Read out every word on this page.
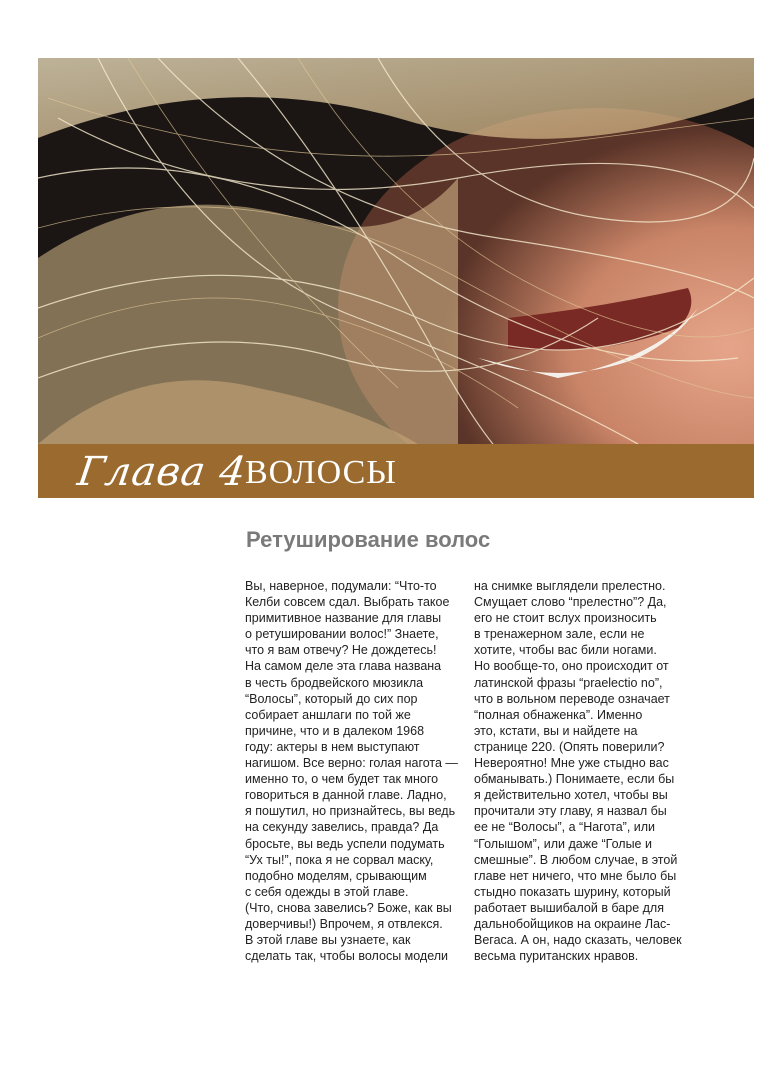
Глава 4
ВОЛОСЫ
Ретуширование волос

Вы, наверное, подумали: “Что-то

Келби совсем сдал. Выбрать такое

примитивное название для главы

о ретушировании волос!” Знаете,

что я вам отвечу? Не дождетесь!

На самом деле эта глава названа

в честь бродвейского мюзикла

“Волосы”, который до сих пор

собирает аншлаги по той же

причине, что и в далеком 1968

году: актеры в нем выступают

нагишом. Все верно: голая нагота —

именно то, о чем будет так много

говориться в данной главе. Ладно,

я пошутил, но признайтесь, вы ведь

на секунду завелись, правда? Да

бросьте, вы ведь успели подумать

“Ух ты!”, пока я не сорвал маску,

подобно моделям, срывающим

с себя одежды в этой главе.

(Что, снова завелись? Боже, как вы

доверчивы!) Впрочем, я отвлекся.

В этой главе вы узнаете, как

сделать так, чтобы волосы модели

на снимке выглядели прелестно.

Смущает слово “прелестно”? Да,

его не стоит вслух произносить

в тренажерном зале, если не

хотите, чтобы вас били ногами.

Но вообще-то, оно происходит от

латинской фразы “praelectio no”,

что в вольном переводе означает

“полная обнаженка”. Именно

это, кстати, вы и найдете на

странице 220. (Опять поверили?

Невероятно! Мне уже стыдно вас

обманывать.) Понимаете, если бы

я действительно хотел, чтобы вы

прочитали эту главу, я назвал бы

ее не “Волосы”, а “Нагота”, или

“Голышом”, или даже “Голые и

смешные”. В любом случае, в этой

главе нет ничего, что мне было бы

стыдно показать шурину, который

работает вышибалой в баре для

дальнобойщиков на окраине Лас-

Вегаса. А он, надо сказать, человек

весьма пуританских нравов.
